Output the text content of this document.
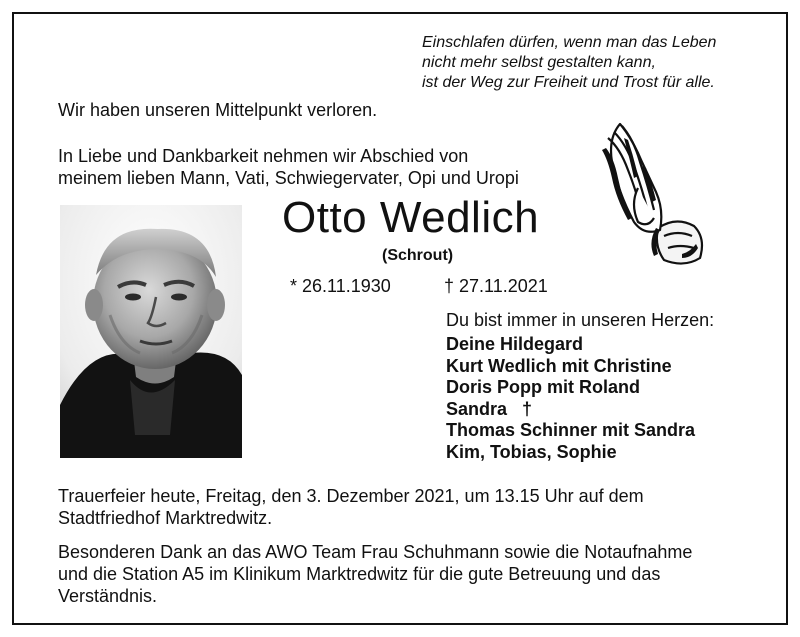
Einschlafen dürfen, wenn man das Leben
nicht mehr selbst gestalten kann,
ist der Weg zur Freiheit und Trost für alle.
Wir haben unseren Mittelpunkt verloren.
In Liebe und Dankbarkeit nehmen wir Abschied von
meinem lieben Mann, Vati, Schwiegervater, Opi und Uropi
Otto Wedlich
(Schrout)
* 26.11.1930	† 27.11.2021
Du bist immer in unseren Herzen:
Deine Hildegard
Kurt Wedlich mit Christine
Doris Popp mit Roland
Sandra   †
Thomas Schinner mit Sandra
Kim, Tobias, Sophie
Trauerfeier heute, Freitag, den 3. Dezember 2021, um 13.15 Uhr auf dem
Stadtfriedhof Marktredwitz.
Besonderen Dank an das AWO Team Frau Schuhmann sowie die Notaufnahme
und die Station A5 im Klinikum Marktredwitz für die gute Betreuung und das
Verständnis.
